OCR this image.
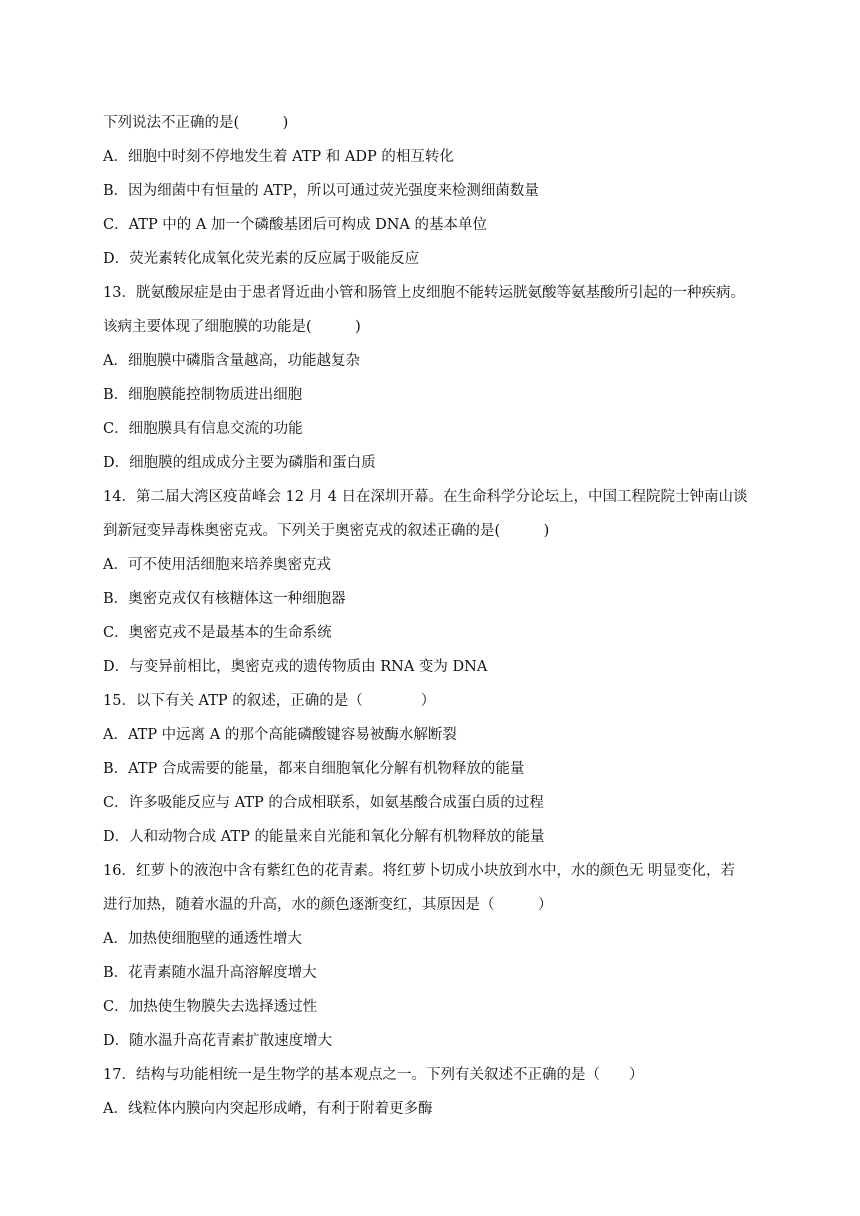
下列说法不正确的是(　　　)
A．细胞中时刻不停地发生着 ATP 和 ADP 的相互转化
B．因为细菌中有恒量的 ATP，所以可通过荧光强度来检测细菌数量
C．ATP 中的 A 加一个磷酸基团后可构成 DNA 的基本单位
D．荧光素转化成氧化荧光素的反应属于吸能反应
13．胱氨酸尿症是由于患者肾近曲小管和肠管上皮细胞不能转运胱氨酸等氨基酸所引起的一种疾病。
该病主要体现了细胞膜的功能是(　　　)
A．细胞膜中磷脂含量越高，功能越复杂
B．细胞膜能控制物质进出细胞
C．细胞膜具有信息交流的功能
D．细胞膜的组成成分主要为磷脂和蛋白质
14．第二届大湾区疫苗峰会 12 月 4 日在深圳开幕。在生命科学分论坛上，中国工程院院士钟南山谈
到新冠变异毒株奥密克戎。下列关于奥密克戎的叙述正确的是(　　　)
A．可不使用活细胞来培养奥密克戎
B．奥密克戎仅有核糖体这一种细胞器
C．奥密克戎不是最基本的生命系统
D．与变异前相比，奥密克戎的遗传物质由 RNA 变为 DNA
15．以下有关 ATP 的叙述，正确的是（　　　　）
A．ATP 中远离 A 的那个高能磷酸键容易被酶水解断裂
B．ATP 合成需要的能量，都来自细胞氧化分解有机物释放的能量
C．许多吸能反应与 ATP 的合成相联系，如氨基酸合成蛋白质的过程
D．人和动物合成 ATP 的能量来自光能和氧化分解有机物释放的能量
16．红萝卜的液泡中含有紫红色的花青素。将红萝卜切成小块放到水中，水的颜色无 明显变化，若
进行加热，随着水温的升高，水的颜色逐渐变红，其原因是（　　　）
A．加热使细胞壁的通透性增大
B．花青素随水温升高溶解度增大
C．加热使生物膜失去选择透过性
D．随水温升高花青素扩散速度增大
17．结构与功能相统一是生物学的基本观点之一。下列有关叙述不正确的是（　　）
A．线粒体内膜向内突起形成嵴，有利于附着更多酶
